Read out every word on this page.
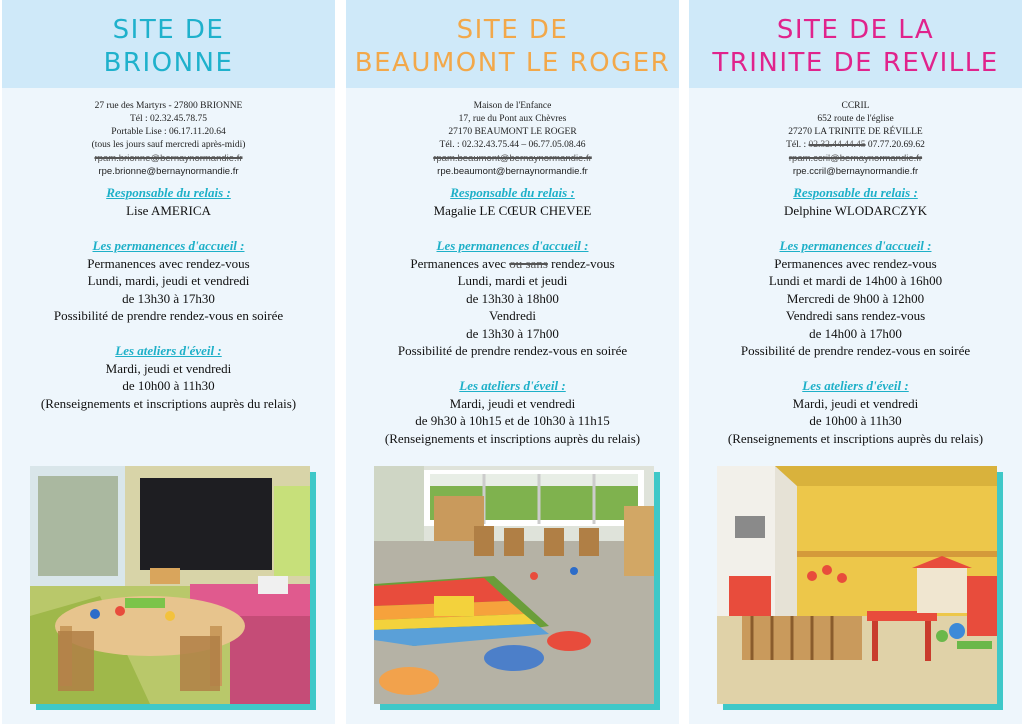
SITE DE
BRIONNE
27 rue des Martyrs - 27800 BRIONNE
Tél : 02.32.45.78.75
Portable Lise : 06.17.11.20.64
(tous les jours sauf mercredi après-midi)
rpam.brionne@bernaynormandie.fr
rpe.brionne@bernaynormandie.fr
Responsable du relais :
Lise AMERICA
Les permanences d'accueil :
Permanences avec rendez-vous
Lundi, mardi, jeudi et vendredi
de 13h30 à 17h30
Possibilité de prendre rendez-vous en soirée
Les ateliers d'éveil :
Mardi, jeudi et vendredi
de 10h00 à 11h30
(Renseignements et inscriptions auprès du relais)
SITE DE
BEAUMONT LE ROGER
Maison de l'Enfance
17, rue du Pont aux Chèvres
27170 BEAUMONT LE ROGER
Tél. : 02.32.43.75.44 – 06.77.05.08.46
rpam.beaumont@bernaynormandie.fr
rpe.beaumont@bernaynormandie.fr
Responsable du relais :
Magalie LE CŒUR CHEVEE
Les permanences d'accueil :
Permanences avec ou sans rendez-vous
Lundi, mardi et jeudi
de 13h30 à 18h00
Vendredi
de 13h30 à 17h00
Possibilité de prendre rendez-vous en soirée
Les ateliers d'éveil :
Mardi, jeudi et vendredi
de 9h30 à 10h15 et de 10h30 à 11h15
(Renseignements et inscriptions auprès du relais)
SITE DE LA
TRINITE DE REVILLE
CCRIL
652 route de l'église
27270 LA TRINITE DE RÉVILLE
Tél. : 02.32.44.44.45 07.77.20.69.62
rpam.ccril@bernaynormandie.fr
rpe.ccril@bernaynormandie.fr
Responsable du relais :
Delphine WLODARCZYK
Les permanences d'accueil :
Permanences avec rendez-vous
Lundi et mardi de 14h00 à 16h00
Mercredi de 9h00 à 12h00
Vendredi sans rendez-vous
de 14h00 à 17h00
Possibilité de prendre rendez-vous en soirée
Les ateliers d'éveil :
Mardi, jeudi et vendredi
de 10h00 à 11h30
(Renseignements et inscriptions auprès du relais)
